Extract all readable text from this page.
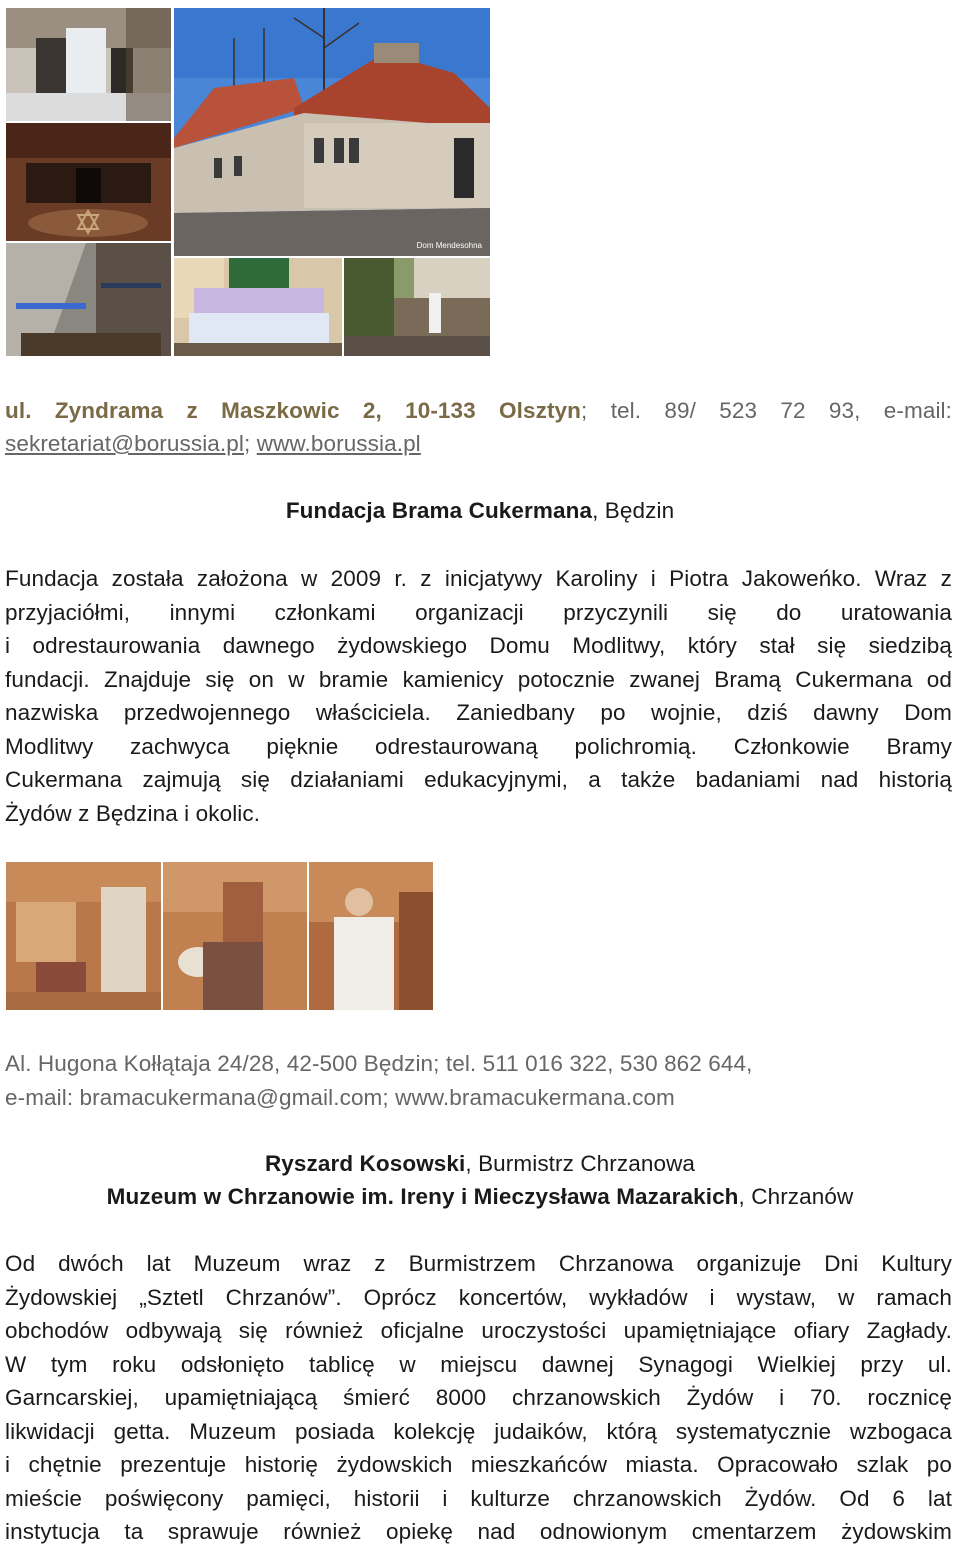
Dom Mendesohna
ul. Zyndrama z Maszkowic 2, 10-133 Olsztyn; tel. 89/ 523 72 93, e-mail:
sekretariat@borussia.pl; www.borussia.pl
Fundacja Brama Cukermana, Będzin
Fundacja została założona w 2009 r. z inicjatywy Karoliny i Piotra Jakoweńko. Wraz z
przyjaciółmi, innymi członkami organizacji przyczynili się do uratowania
i odrestaurowania dawnego żydowskiego Domu Modlitwy, który stał się siedzibą
fundacji. Znajduje się on w bramie kamienicy potocznie zwanej Bramą Cukermana od
nazwiska przedwojennego właściciela. Zaniedbany po wojnie, dziś dawny Dom
Modlitwy zachwyca pięknie odrestaurowaną polichromią. Członkowie Bramy
Cukermana zajmują się działaniami edukacyjnymi, a także badaniami nad historią
Żydów z Będzina i okolic.
Al. Hugona Kołłątaja 24/28, 42-500 Będzin; tel. 511 016 322, 530 862 644,
e-mail: bramacukermana@gmail.com; www.bramacukermana.com
Ryszard Kosowski, Burmistrz Chrzanowa
Muzeum w Chrzanowie im. Ireny i Mieczysława Mazarakich, Chrzanów
Od dwóch lat Muzeum wraz z Burmistrzem Chrzanowa organizuje Dni Kultury
Żydowskiej „Sztetl Chrzanów”. Oprócz koncertów, wykładów i wystaw, w ramach
obchodów odbywają się również oficjalne uroczystości upamiętniające ofiary Zagłady.
W tym roku odsłonięto tablicę w miejscu dawnej Synagogi Wielkiej przy ul.
Garncarskiej, upamiętniającą śmierć 8000 chrzanowskich Żydów i 70. rocznicę
likwidacji getta. Muzeum posiada kolekcję judaików, którą systematycznie wzbogaca
i chętnie prezentuje historię żydowskich mieszkańców miasta. Opracowało szlak po
mieście poświęcony pamięci, historii i kulturze chrzanowskich Żydów. Od 6 lat
instytucja ta sprawuje również opiekę nad odnowionym cmentarzem żydowskim
